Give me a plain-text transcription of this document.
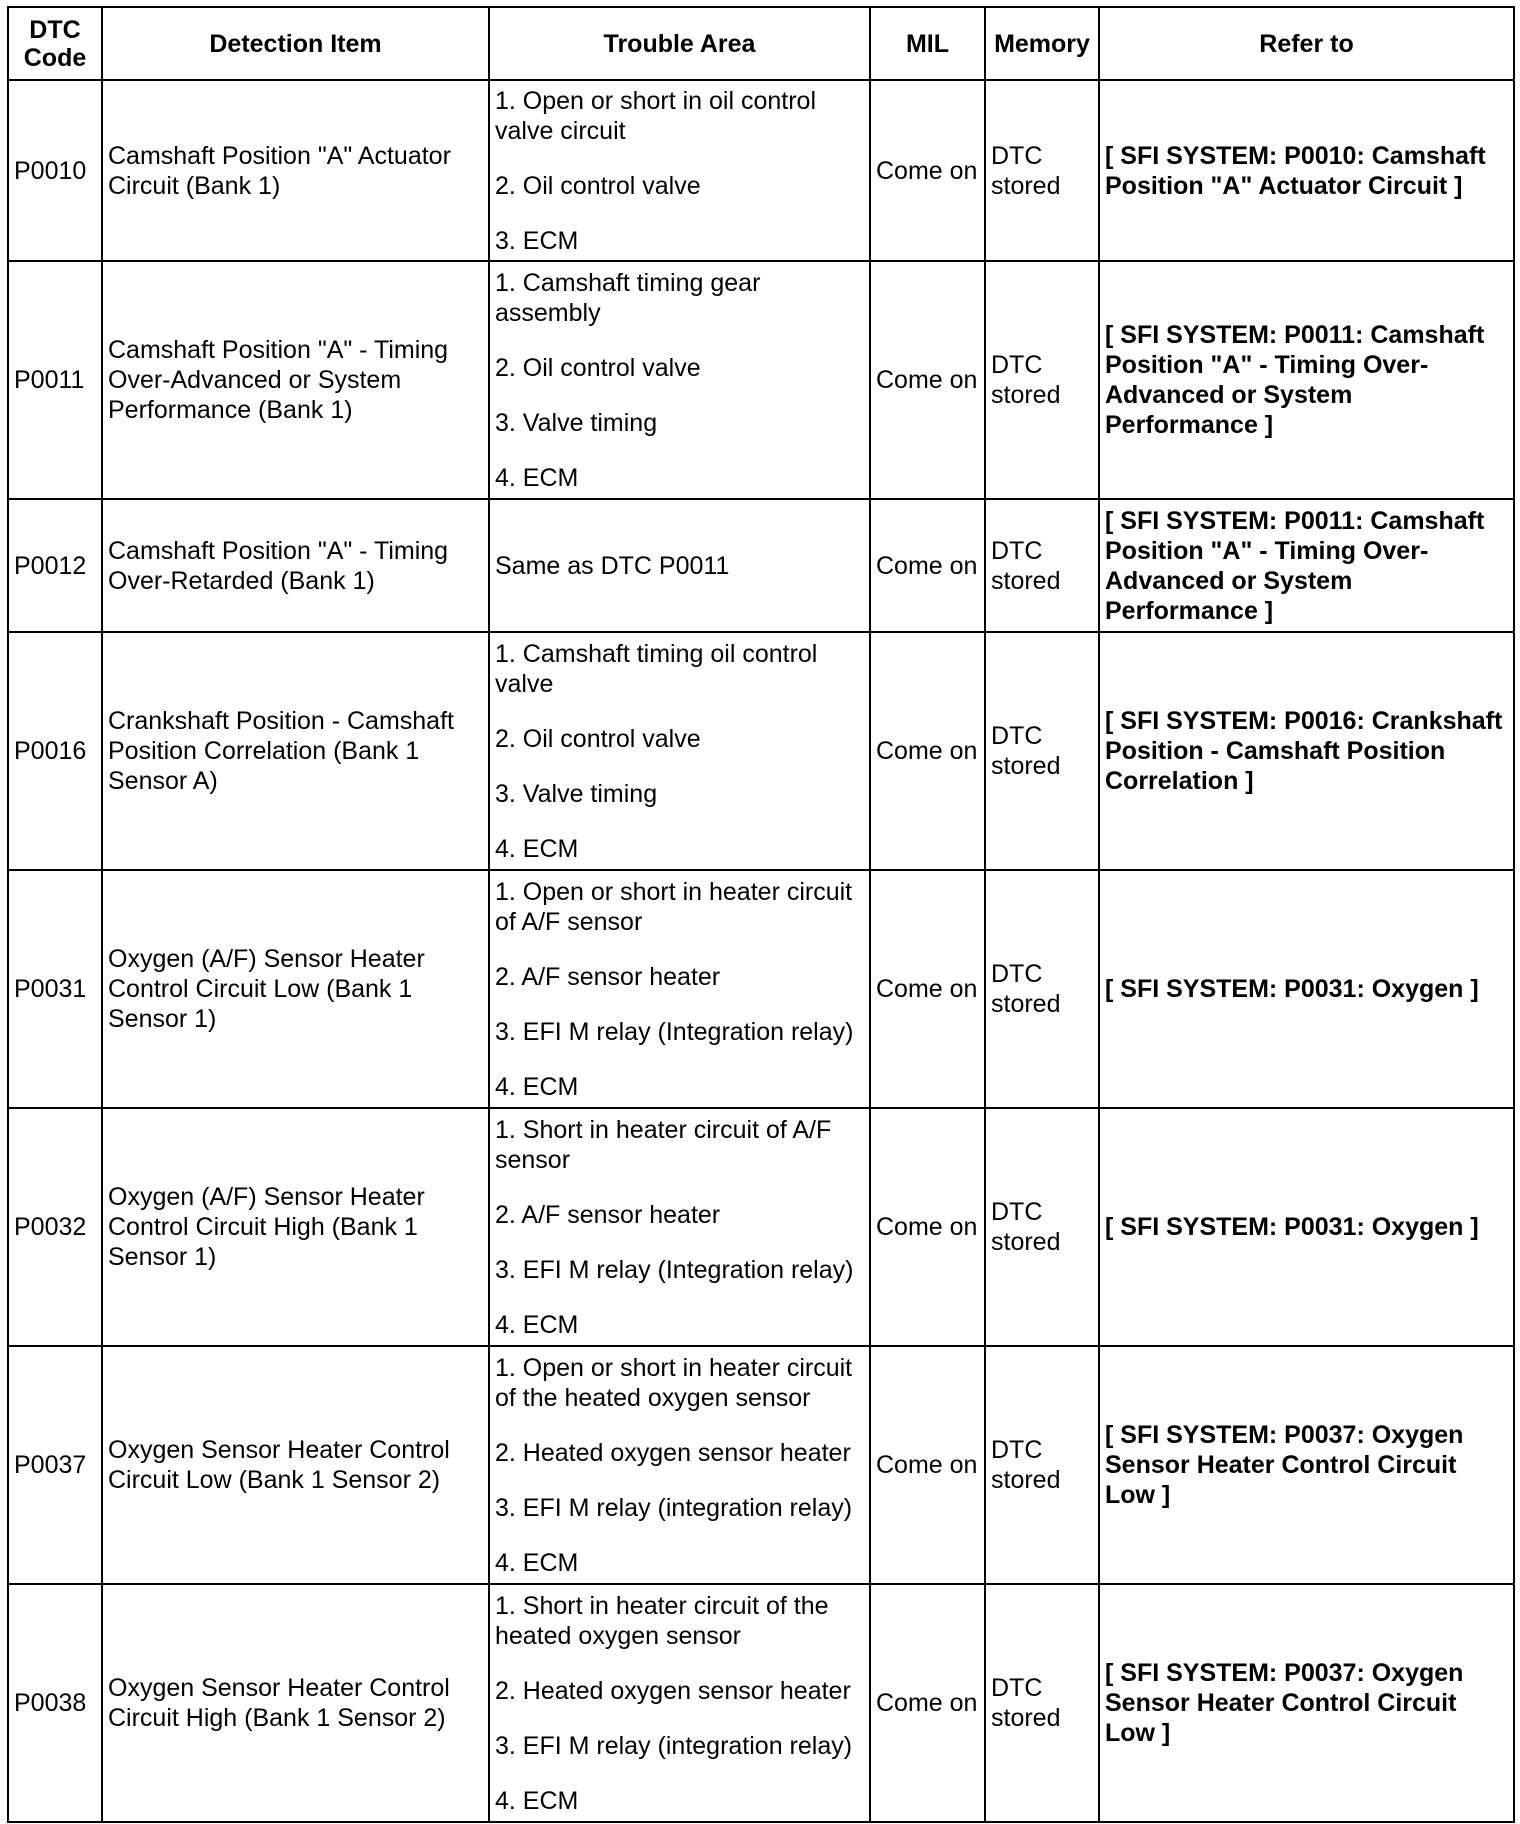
DTC
Code	Detection Item	Trouble Area	MIL	Memory	Refer to
P0010	Camshaft Position "A" Actuator Circuit (Bank 1)	1. Open or short in oil control valve circuit
2. Oil control valve
3. ECM	Come on	DTC stored	[ SFI SYSTEM: P0010: Camshaft Position "A" Actuator Circuit ]
P0011	Camshaft Position "A" - Timing Over-Advanced or System Performance (Bank 1)	1. Camshaft timing gear assembly
2. Oil control valve
3. Valve timing
4. ECM	Come on	DTC stored	[ SFI SYSTEM: P0011: Camshaft Position "A" - Timing Over-Advanced or System Performance ]
P0012	Camshaft Position "A" - Timing Over-Retarded (Bank 1)	Same as DTC P0011	Come on	DTC stored	[ SFI SYSTEM: P0011: Camshaft Position "A" - Timing Over-Advanced or System Performance ]
P0016	Crankshaft Position - Camshaft Position Correlation (Bank 1 Sensor A)	1. Camshaft timing oil control valve
2. Oil control valve
3. Valve timing
4. ECM	Come on	DTC stored	[ SFI SYSTEM: P0016: Crankshaft Position - Camshaft Position Correlation ]
P0031	Oxygen (A/F) Sensor Heater Control Circuit Low (Bank 1 Sensor 1)	1. Open or short in heater circuit of A/F sensor
2. A/F sensor heater
3. EFI M relay (Integration relay)
4. ECM	Come on	DTC stored	[ SFI SYSTEM: P0031: Oxygen ]
P0032	Oxygen (A/F) Sensor Heater Control Circuit High (Bank 1 Sensor 1)	1. Short in heater circuit of A/F sensor
2. A/F sensor heater
3. EFI M relay (Integration relay)
4. ECM	Come on	DTC stored	[ SFI SYSTEM: P0031: Oxygen ]
P0037	Oxygen Sensor Heater Control Circuit Low (Bank 1 Sensor 2)	1. Open or short in heater circuit of the heated oxygen sensor
2. Heated oxygen sensor heater
3. EFI M relay (integration relay)
4. ECM	Come on	DTC stored	[ SFI SYSTEM: P0037: Oxygen Sensor Heater Control Circuit Low ]
P0038	Oxygen Sensor Heater Control Circuit High (Bank 1 Sensor 2)	1. Short in heater circuit of the heated oxygen sensor
2. Heated oxygen sensor heater
3. EFI M relay (integration relay)
4. ECM	Come on	DTC stored	[ SFI SYSTEM: P0037: Oxygen Sensor Heater Control Circuit Low ]
